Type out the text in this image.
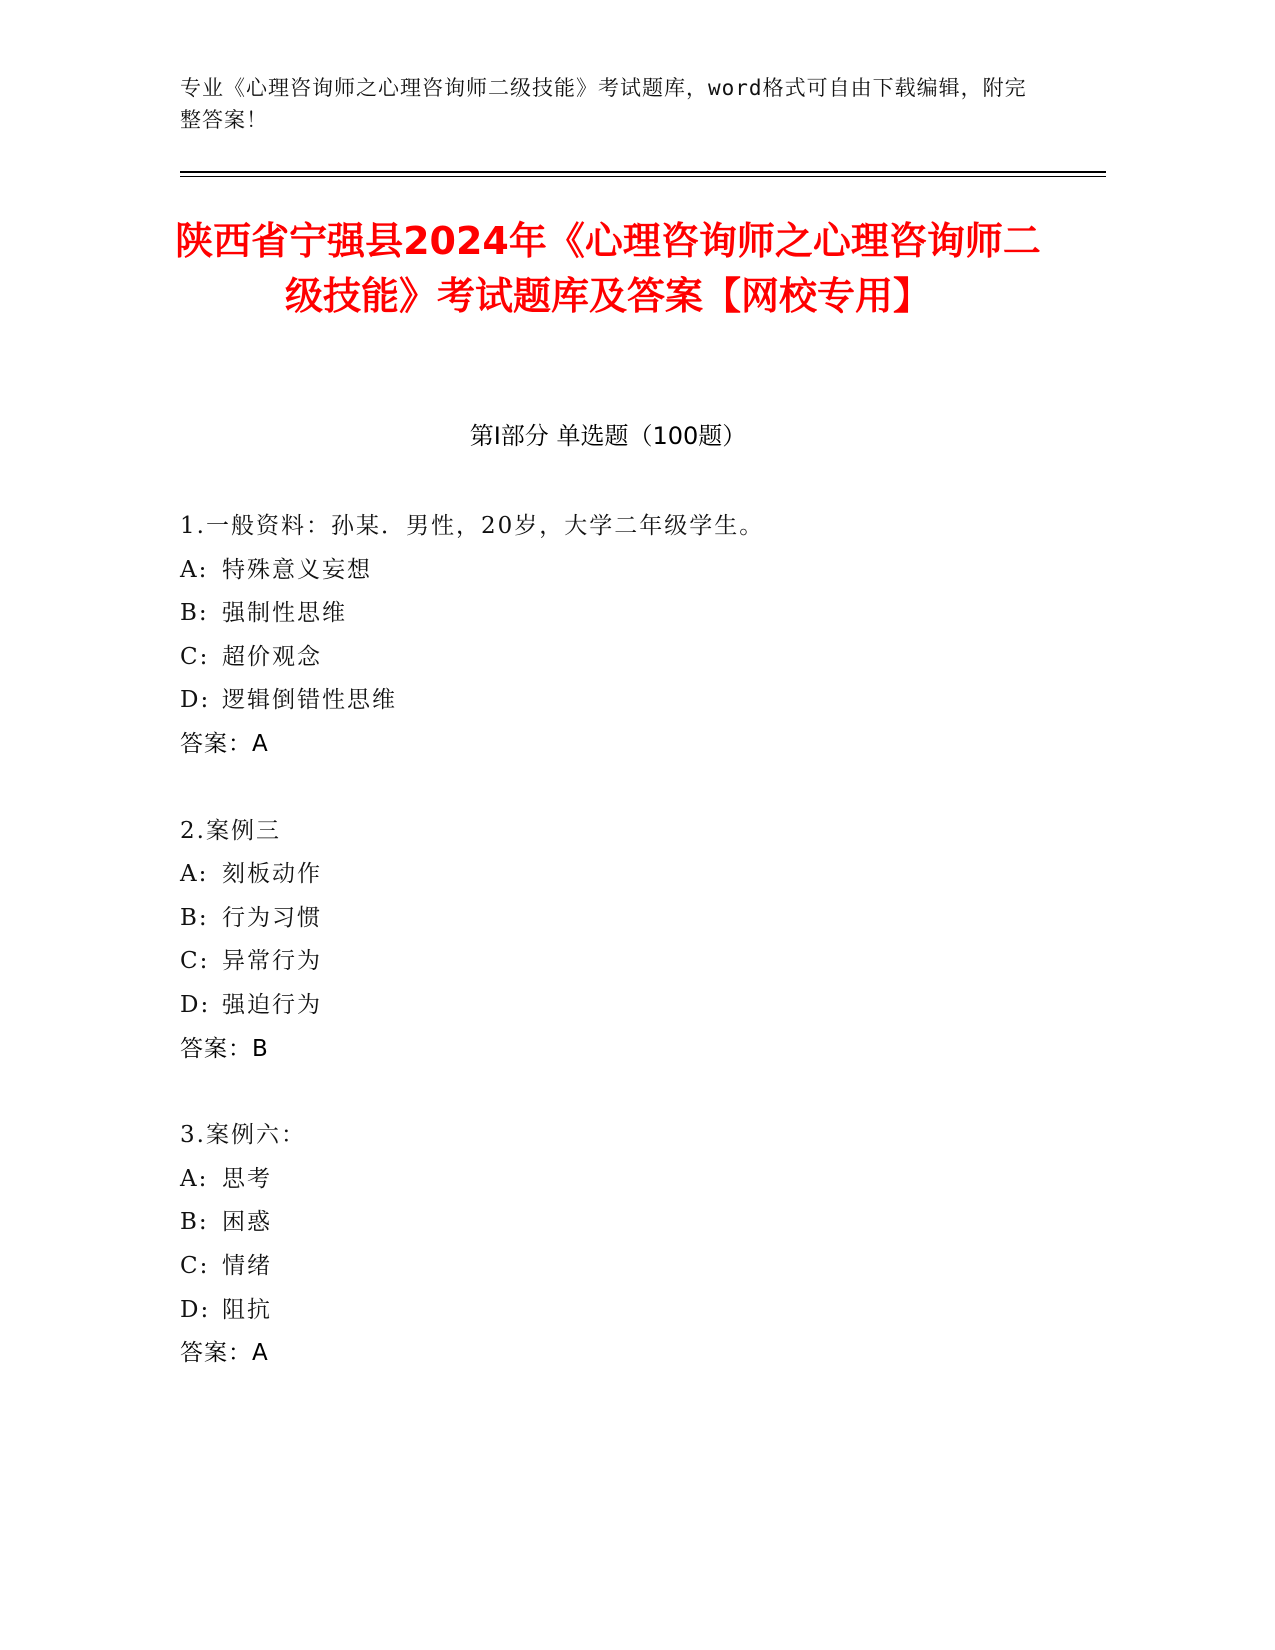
专业《心理咨询师之心理咨询师二级技能》考试题库，word格式可自由下载编辑，附完整答案！
陕西省宁强县2024年《心理咨询师之心理咨询师二级技能》考试题库及答案【网校专用】
第Ⅰ部分 单选题（100题）
1.一般资料：孙某．男性，20岁，大学二年级学生。
A: 特殊意义妄想
B: 强制性思维
C: 超价观念
D: 逻辑倒错性思维
答案：A
2.案例三
A: 刻板动作
B: 行为习惯
C: 异常行为
D: 强迫行为
答案：B
3.案例六：
A: 思考
B: 困惑
C: 情绪
D: 阻抗
答案：A
